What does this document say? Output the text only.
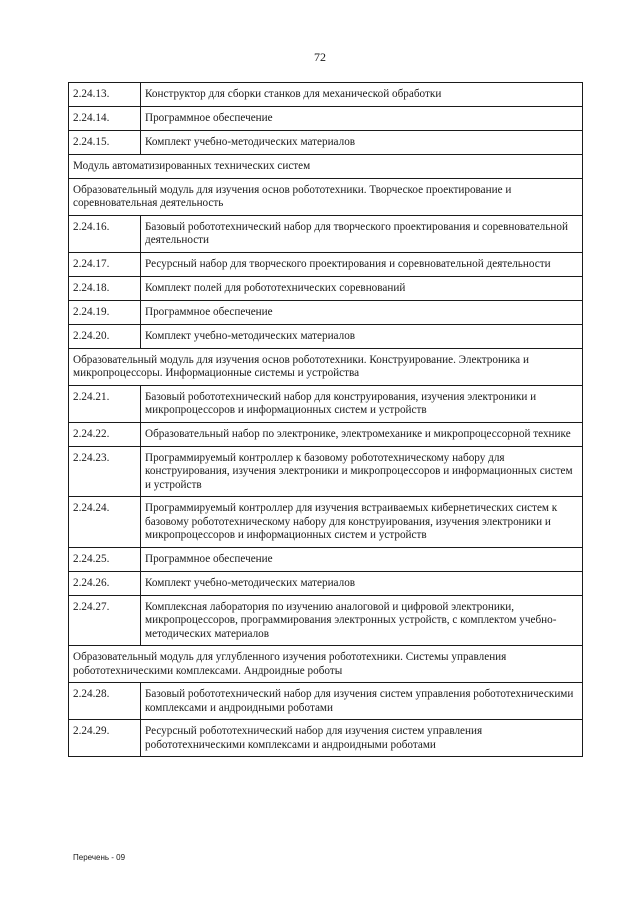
72
2.24.13.	Конструктор для сборки станков для механической обработки
2.24.14.	Программное обеспечение
2.24.15.	Комплект учебно-методических материалов
Модуль автоматизированных технических систем	
Образовательный модуль для изучения основ робототехники. Творческое проектирование и соревновательная деятельность	
2.24.16.	Базовый робототехнический набор для творческого проектирования и соревновательной деятельности
2.24.17.	Ресурсный набор для творческого проектирования и соревновательной деятельности
2.24.18.	Комплект полей для робототехнических соревнований
2.24.19.	Программное обеспечение
2.24.20.	Комплект учебно-методических материалов
Образовательный модуль для изучения основ робототехники. Конструирование. Электроника и микропроцессоры. Информационные системы и устройства	
2.24.21.	Базовый робототехнический набор для конструирования, изучения электроники и микропроцессоров и информационных систем и устройств
2.24.22.	Образовательный набор по электронике, электромеханике и микропроцессорной технике
2.24.23.	Программируемый контроллер к базовому робототехническому набору для конструирования, изучения электроники и микропроцессоров и информационных систем и устройств
2.24.24.	Программируемый контроллер для изучения встраиваемых кибернетических систем к базовому робототехническому набору для конструирования, изучения электроники и микропроцессоров и информационных систем и устройств
2.24.25.	Программное обеспечение
2.24.26.	Комплект учебно-методических материалов
2.24.27.	Комплексная лаборатория по изучению аналоговой и цифровой электроники, микропроцессоров, программирования электронных устройств, с комплектом учебно-методических материалов
Образовательный модуль для углубленного изучения робототехники. Системы управления робототехническими комплексами. Андроидные роботы	
2.24.28.	Базовый робототехнический набор для изучения систем управления робототехническими комплексами и андроидными роботами
2.24.29.	Ресурсный робототехнический набор для изучения систем управления робототехническими комплексами и андроидными роботами
Перечень - 09
